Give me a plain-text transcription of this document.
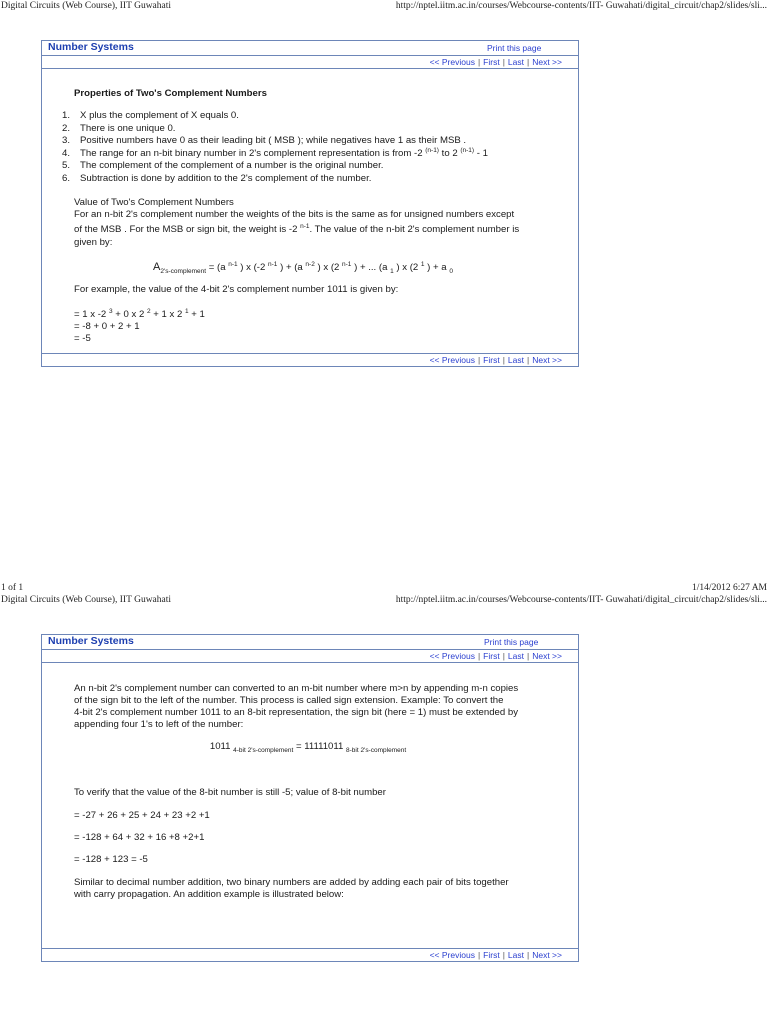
Digital Circuits (Web Course), IIT Guwahati	http://nptel.iitm.ac.in/courses/Webcourse-contents/IIT- Guwahati/digital_circuit/chap2/slides/sli...
Number Systems	Print this page
<< Previous | First | Last | Next >>
Properties of Two's Complement Numbers
1. X plus the complement of X equals 0.
2. There is one unique 0.
3. Positive numbers have 0 as their leading bit ( MSB ); while negatives have 1 as their MSB .
4. The range for an n-bit binary number in 2's complement representation is from -2 $^{(n-1)}$ to 2 $^{(n-1)}$ - 1
5. The complement of the complement of a number is the original number.
6. Subtraction is done by addition to the 2's complement of the number.
Value of Two's Complement Numbers
For an n-bit 2's complement number the weights of the bits is the same as for unsigned numbers except
of the MSB . For the MSB or sign bit, the weight is -2 $^{n-1}$. The value of the n-bit 2's complement number is
given by:
$A_{2's-complement} = (a$ $^{n-1}$ ) x (-2 $^{n-1}$ ) + (a $^{n-2}$ ) x (2 $^{n-1}$ ) + ... (a $_1$ ) x (2 $^1$ ) + a $_0$
For example, the value of the 4-bit 2's complement number 1011 is given by:
= 1 x -2 $^3$ + 0 x 2 $^2$ + 1 x 2 $^1$ + 1
= -8 + 0 + 2 + 1
= -5
<< Previous | First | Last | Next >>
1 of 1	1/14/2012 6:27 AM
Digital Circuits (Web Course), IIT Guwahati	http://nptel.iitm.ac.in/courses/Webcourse-contents/IIT- Guwahati/digital_circuit/chap2/slides/sli...
Number Systems	Print this page
<< Previous | First | Last | Next >>
An n-bit 2's complement number can converted to an m-bit number where m>n by appending m-n copies
of the sign bit to the left of the number. This process is called sign extension. Example: To convert the
4-bit 2's complement number 1011 to an 8-bit representation, the sign bit (here = 1) must be extended by
appending four 1's to left of the number:
1011 $_{4-bit 2's-complement}$ = 11111011 $_{8-bit 2's-complement}$
To verify that the value of the 8-bit number is still -5; value of 8-bit number
= -27 + 26 + 25 + 24 + 23 +2 +1
= -128 + 64 + 32 + 16 +8 +2+1
= -128 + 123 = -5
Similar to decimal number addition, two binary numbers are added by adding each pair of bits together
with carry propagation. An addition example is illustrated below:
<< Previous | First | Last | Next >>
